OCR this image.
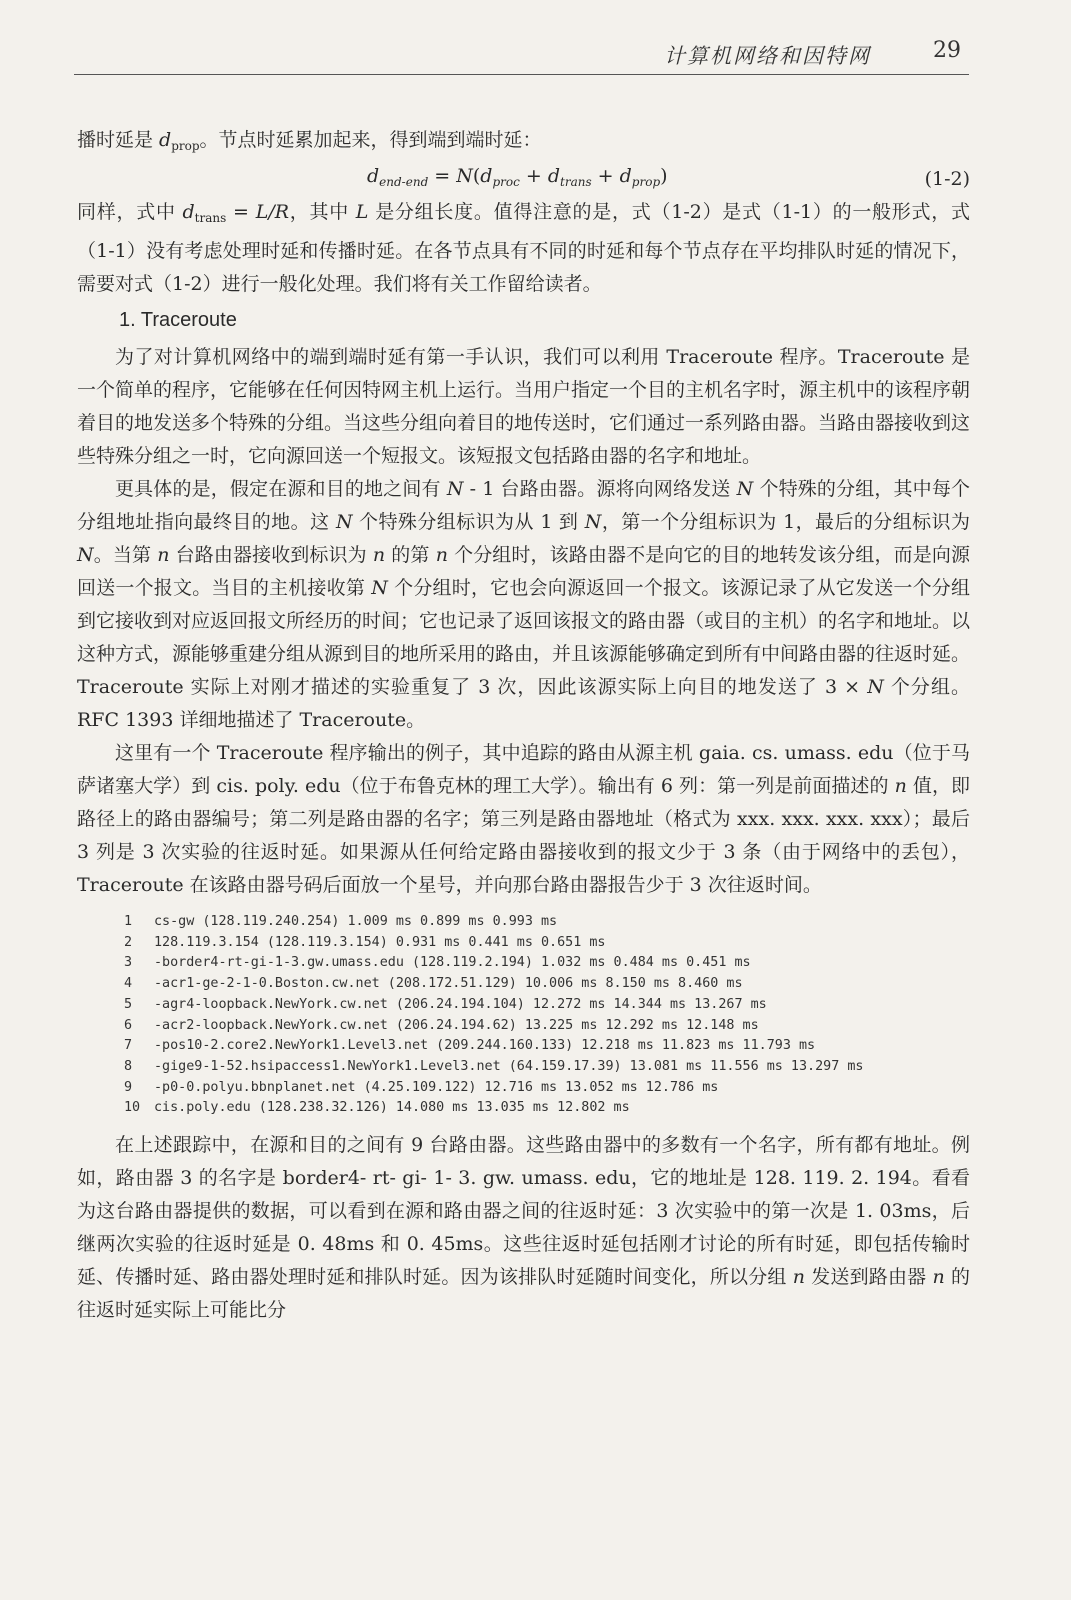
计算机网络和因特网	29

播时延是 $d_{prop}$。节点时延累加起来，得到端到端时延：

$d_{end-end} = N(d_{proc} + d_{trans} + d_{prop})$	(1-2)

同样，式中 $d_{trans} = L/R$，其中 L 是分组长度。值得注意的是，式（1-2）是式（1-1）的一般形式，式（1-1）没有考虑处理时延和传播时延。在各节点具有不同的时延和每个节点存在平均排队时延的情况下，需要对式（1-2）进行一般化处理。我们将有关工作留给读者。

1. Traceroute

为了对计算机网络中的端到端时延有第一手认识，我们可以利用 Traceroute 程序。Traceroute 是一个简单的程序，它能够在任何因特网主机上运行。当用户指定一个目的主机名字时，源主机中的该程序朝着目的地发送多个特殊的分组。当这些分组向着目的地传送时，它们通过一系列路由器。当路由器接收到这些特殊分组之一时，它向源回送一个短报文。该短报文包括路由器的名字和地址。

更具体的是，假定在源和目的地之间有 N - 1 台路由器。源将向网络发送 N 个特殊的分组，其中每个分组地址指向最终目的地。这 N 个特殊分组标识为从 1 到 N，第一个分组标识为 1，最后的分组标识为 N。当第 n 台路由器接收到标识为 n 的第 n 个分组时，该路由器不是向它的目的地转发该分组，而是向源回送一个报文。当目的主机接收第 N 个分组时，它也会向源返回一个报文。该源记录了从它发送一个分组到它接收到对应返回报文所经历的时间；它也记录了返回该报文的路由器（或目的主机）的名字和地址。以这种方式，源能够重建分组从源到目的地所采用的路由，并且该源能够确定到所有中间路由器的往返时延。Traceroute 实际上对刚才描述的实验重复了 3 次，因此该源实际上向目的地发送了 3 × N 个分组。RFC 1393 详细地描述了 Traceroute。

这里有一个 Traceroute 程序输出的例子，其中追踪的路由从源主机 gaia. cs. umass. edu（位于马萨诸塞大学）到 cis. poly. edu（位于布鲁克林的理工大学）。输出有 6 列：第一列是前面描述的 n 值，即路径上的路由器编号；第二列是路由器的名字；第三列是路由器地址（格式为 xxx. xxx. xxx. xxx）；最后 3 列是 3 次实验的往返时延。如果源从任何给定路由器接收到的报文少于 3 条（由于网络中的丢包），Traceroute 在该路由器号码后面放一个星号，并向那台路由器报告少于 3 次往返时间。

1 cs-gw (128.119.240.254) 1.009 ms 0.899 ms 0.993 ms
2 128.119.3.154 (128.119.3.154) 0.931 ms 0.441 ms 0.651 ms
3 -border4-rt-gi-1-3.gw.umass.edu (128.119.2.194) 1.032 ms 0.484 ms 0.451 ms
4 -acr1-ge-2-1-0.Boston.cw.net (208.172.51.129) 10.006 ms 8.150 ms 8.460 ms
5 -agr4-loopback.NewYork.cw.net (206.24.194.104) 12.272 ms 14.344 ms 13.267 ms
6 -acr2-loopback.NewYork.cw.net (206.24.194.62) 13.225 ms 12.292 ms 12.148 ms
7 -pos10-2.core2.NewYork1.Level3.net (209.244.160.133) 12.218 ms 11.823 ms 11.793 ms
8 -gige9-1-52.hsipaccess1.NewYork1.Level3.net (64.159.17.39) 13.081 ms 11.556 ms 13.297 ms
9 -p0-0.polyu.bbnplanet.net (4.25.109.122) 12.716 ms 13.052 ms 12.786 ms
10 cis.poly.edu (128.238.32.126) 14.080 ms 13.035 ms 12.802 ms

在上述跟踪中，在源和目的之间有 9 台路由器。这些路由器中的多数有一个名字，所有都有地址。例如，路由器 3 的名字是 border4- rt- gi- 1- 3. gw. umass. edu，它的地址是 128. 119. 2. 194。看看为这台路由器提供的数据，可以看到在源和路由器之间的往返时延：3 次实验中的第一次是 1. 03ms，后继两次实验的往返时延是 0. 48ms 和 0. 45ms。这些往返时延包括刚才讨论的所有时延，即包括传输时延、传播时延、路由器处理时延和排队时延。因为该排队时延随时间变化，所以分组 n 发送到路由器 n 的往返时延实际上可能比分
